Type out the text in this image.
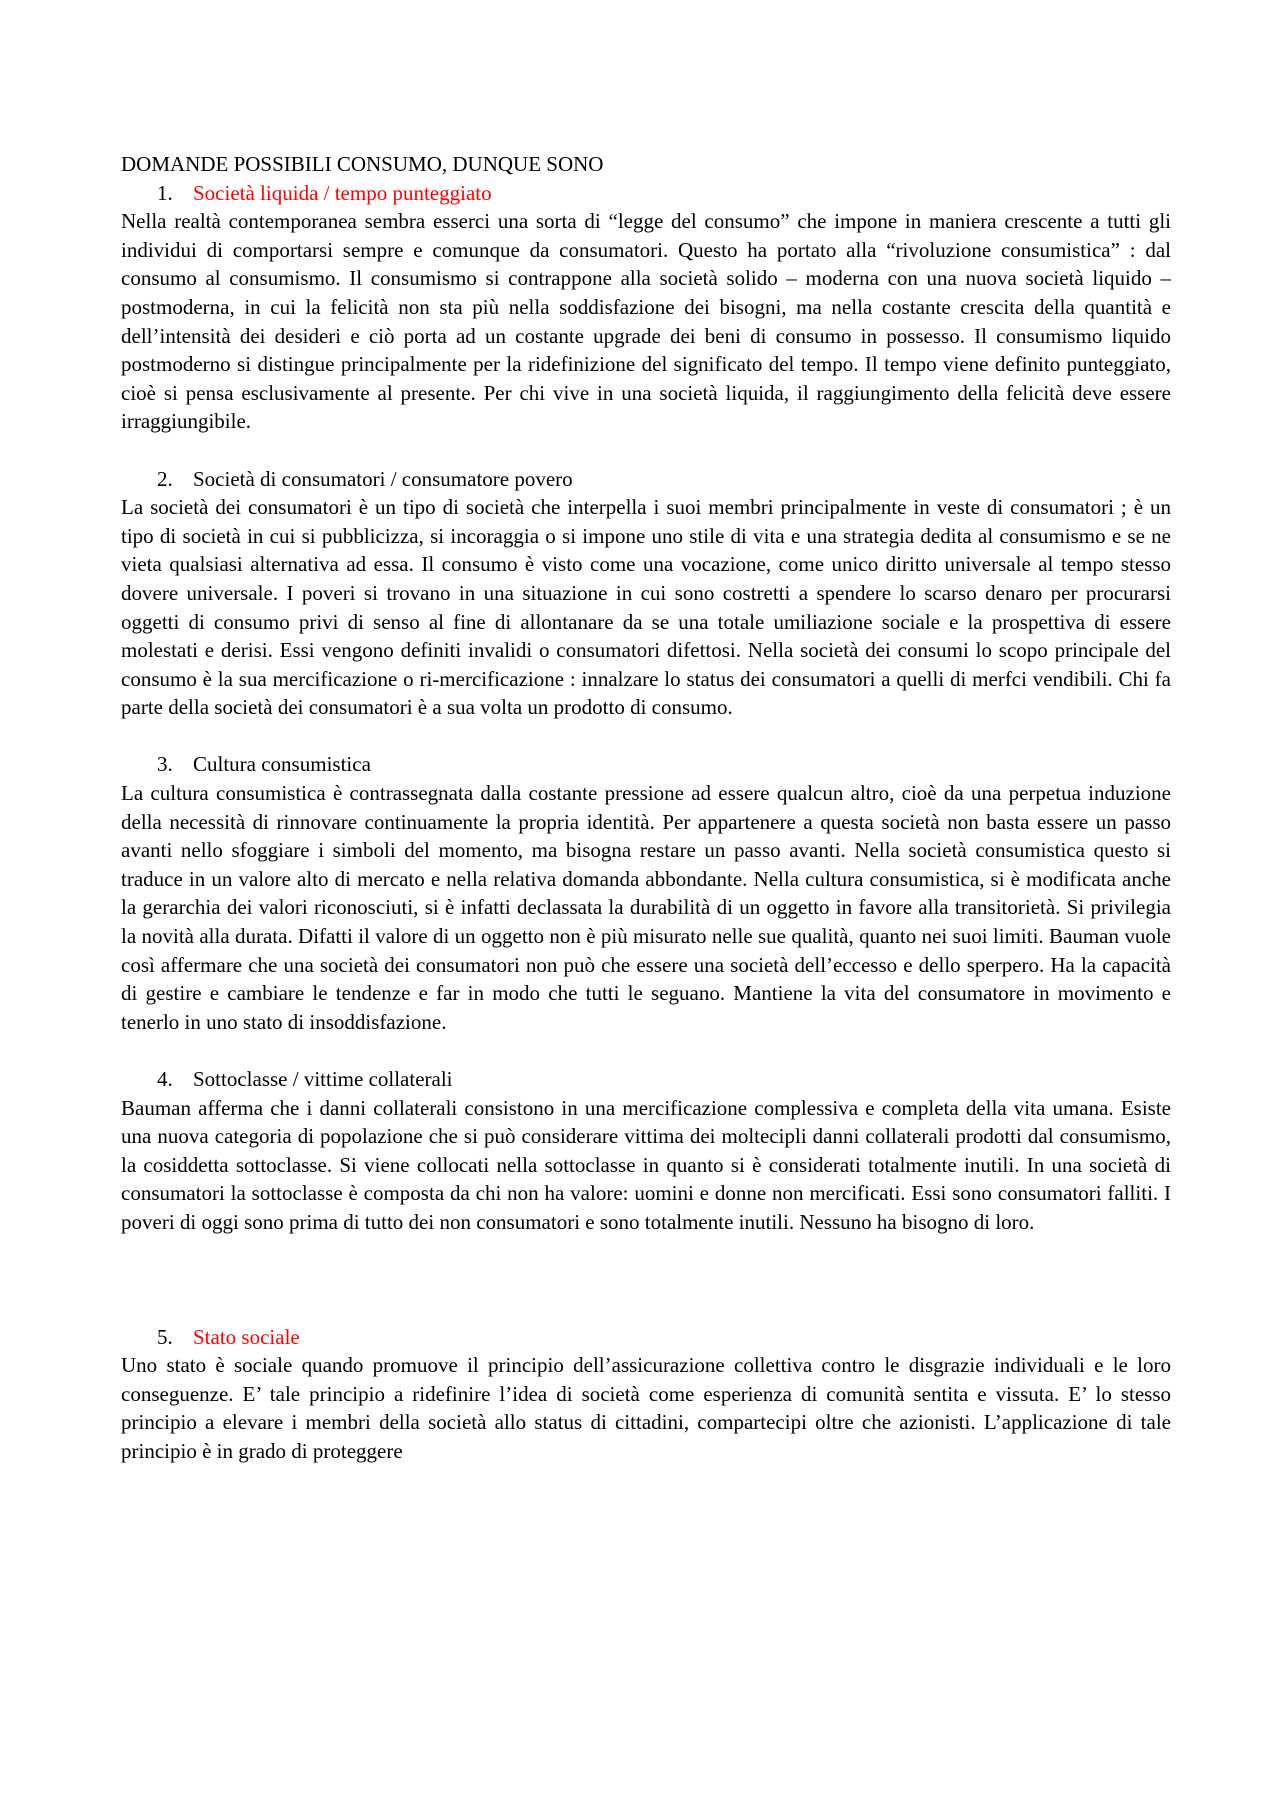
DOMANDE POSSIBILI CONSUMO, DUNQUE SONO
1. Società liquida / tempo punteggiato

Nella realtà contemporanea sembra esserci una sorta di “legge del consumo” che impone in maniera crescente a tutti gli individui di comportarsi sempre e comunque da consumatori. Questo ha portato alla “rivoluzione consumistica” : dal consumo al consumismo. Il consumismo si contrappone alla società solido – moderna con una nuova società liquido – postmoderna, in cui la felicità non sta più nella soddisfazione dei bisogni, ma nella costante crescita della quantità e dell’intensità dei desideri e ciò porta ad un costante upgrade dei beni di consumo in possesso. Il consumismo liquido postmoderno si distingue principalmente per la ridefinizione del significato del tempo. Il tempo viene definito punteggiato, cioè si pensa esclusivamente al presente. Per chi vive in una società liquida, il raggiungimento della felicità deve essere irraggiungibile.

2. Società di consumatori / consumatore povero

La società dei consumatori è un tipo di società che interpella i suoi membri principalmente in veste di consumatori ; è un tipo di società in cui si pubblicizza, si incoraggia o si impone uno stile di vita e una strategia dedita al consumismo e se ne vieta qualsiasi alternativa ad essa. Il consumo è visto come una vocazione, come unico diritto universale al tempo stesso dovere universale. I poveri si trovano in una situazione in cui sono costretti a spendere lo scarso denaro per procurarsi oggetti di consumo privi di senso al fine di allontanare da se una totale umiliazione sociale e la prospettiva di essere molestati e derisi. Essi vengono definiti invalidi o consumatori difettosi. Nella società dei consumi lo scopo principale del consumo è la sua mercificazione o ri-mercificazione : innalzare lo status dei consumatori a quelli di merfci vendibili. Chi fa parte della società dei consumatori è a sua volta un prodotto di consumo.

3. Cultura consumistica

La cultura consumistica è contrassegnata dalla costante pressione ad essere qualcun altro, cioè da una perpetua induzione della necessità di rinnovare continuamente la propria identità. Per appartenere a questa società non basta essere un passo avanti nello sfoggiare i simboli del momento, ma bisogna restare un passo avanti. Nella società consumistica questo si traduce in un valore alto di mercato e nella relativa domanda abbondante. Nella cultura consumistica, si è modificata anche la gerarchia dei valori riconosciuti, si è infatti declassata la durabilità di un oggetto in favore alla transitorietà. Si privilegia la novità alla durata. Difatti il valore di un oggetto non è più misurato nelle sue qualità, quanto nei suoi limiti. Bauman vuole così affermare che una società dei consumatori non può che essere una società dell’eccesso e dello sperpero. Ha la capacità di gestire e cambiare le tendenze e far in modo che tutti le seguano. Mantiene la vita del consumatore in movimento e tenerlo in uno stato di insoddisfazione.

4. Sottoclasse / vittime collaterali

Bauman afferma che i danni collaterali consistono in una mercificazione complessiva e completa della vita umana. Esiste una nuova categoria di popolazione che si può considerare vittima dei moltecipli danni collaterali prodotti dal consumismo, la cosiddetta sottoclasse. Si viene collocati nella sottoclasse in quanto si è considerati totalmente inutili. In una società di consumatori la sottoclasse è composta da chi non ha valore: uomini e donne non mercificati. Essi sono consumatori falliti. I poveri di oggi sono prima di tutto dei non consumatori e sono totalmente inutili. Nessuno ha bisogno di loro.

5. Stato sociale

Uno stato è sociale quando promuove il principio dell’assicurazione collettiva contro le disgrazie individuali e le loro conseguenze. E’ tale principio a ridefinire l’idea di società come esperienza di comunità sentita e vissuta. E’ lo stesso principio a elevare i membri della società allo status di cittadini, compartecipi oltre che azionisti. L’applicazione di tale principio è in grado di proteggere
